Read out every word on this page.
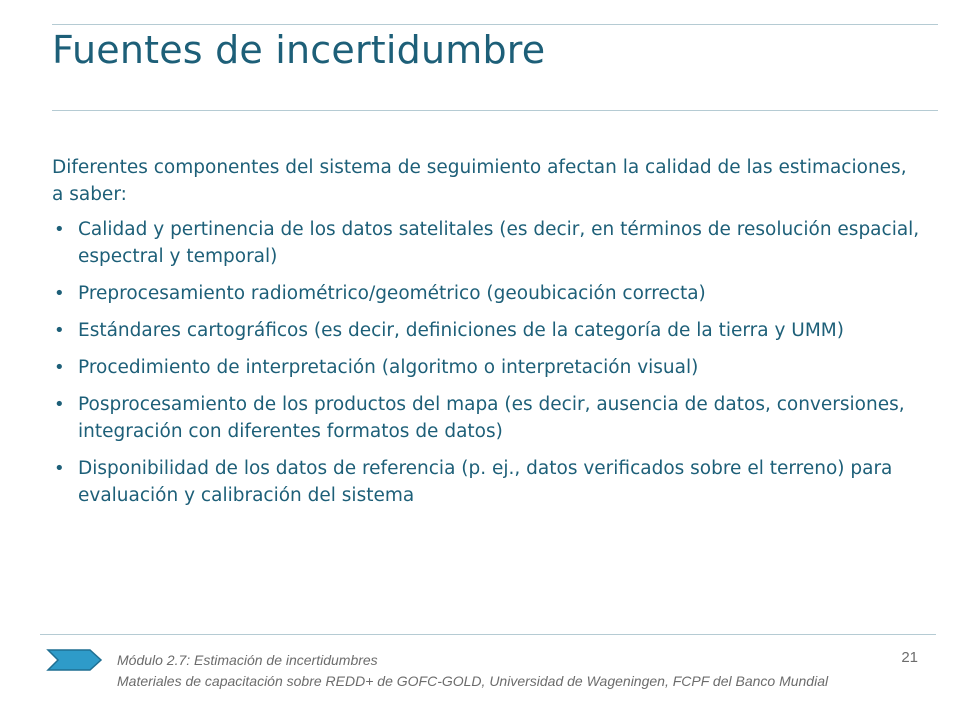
Fuentes de incertidumbre

Diferentes componentes del sistema de seguimiento afectan la calidad de las estimaciones, a saber:

• Calidad y pertinencia de los datos satelitales (es decir, en términos de resolución espacial, espectral y temporal)
• Preprocesamiento radiométrico/geométrico (geoubicación correcta)
• Estándares cartográficos (es decir, definiciones de la categoría de la tierra y UMM)
• Procedimiento de interpretación (algoritmo o interpretación visual)
• Posprocesamiento de los productos del mapa (es decir, ausencia de datos, conversiones, integración con diferentes formatos de datos)
• Disponibilidad de los datos de referencia (p. ej., datos verificados sobre el terreno) para evaluación y calibración del sistema
Módulo 2.7: Estimación de incertidumbres
Materiales de capacitación sobre REDD+ de GOFC-GOLD, Universidad de Wageningen, FCPF del Banco Mundial
21
